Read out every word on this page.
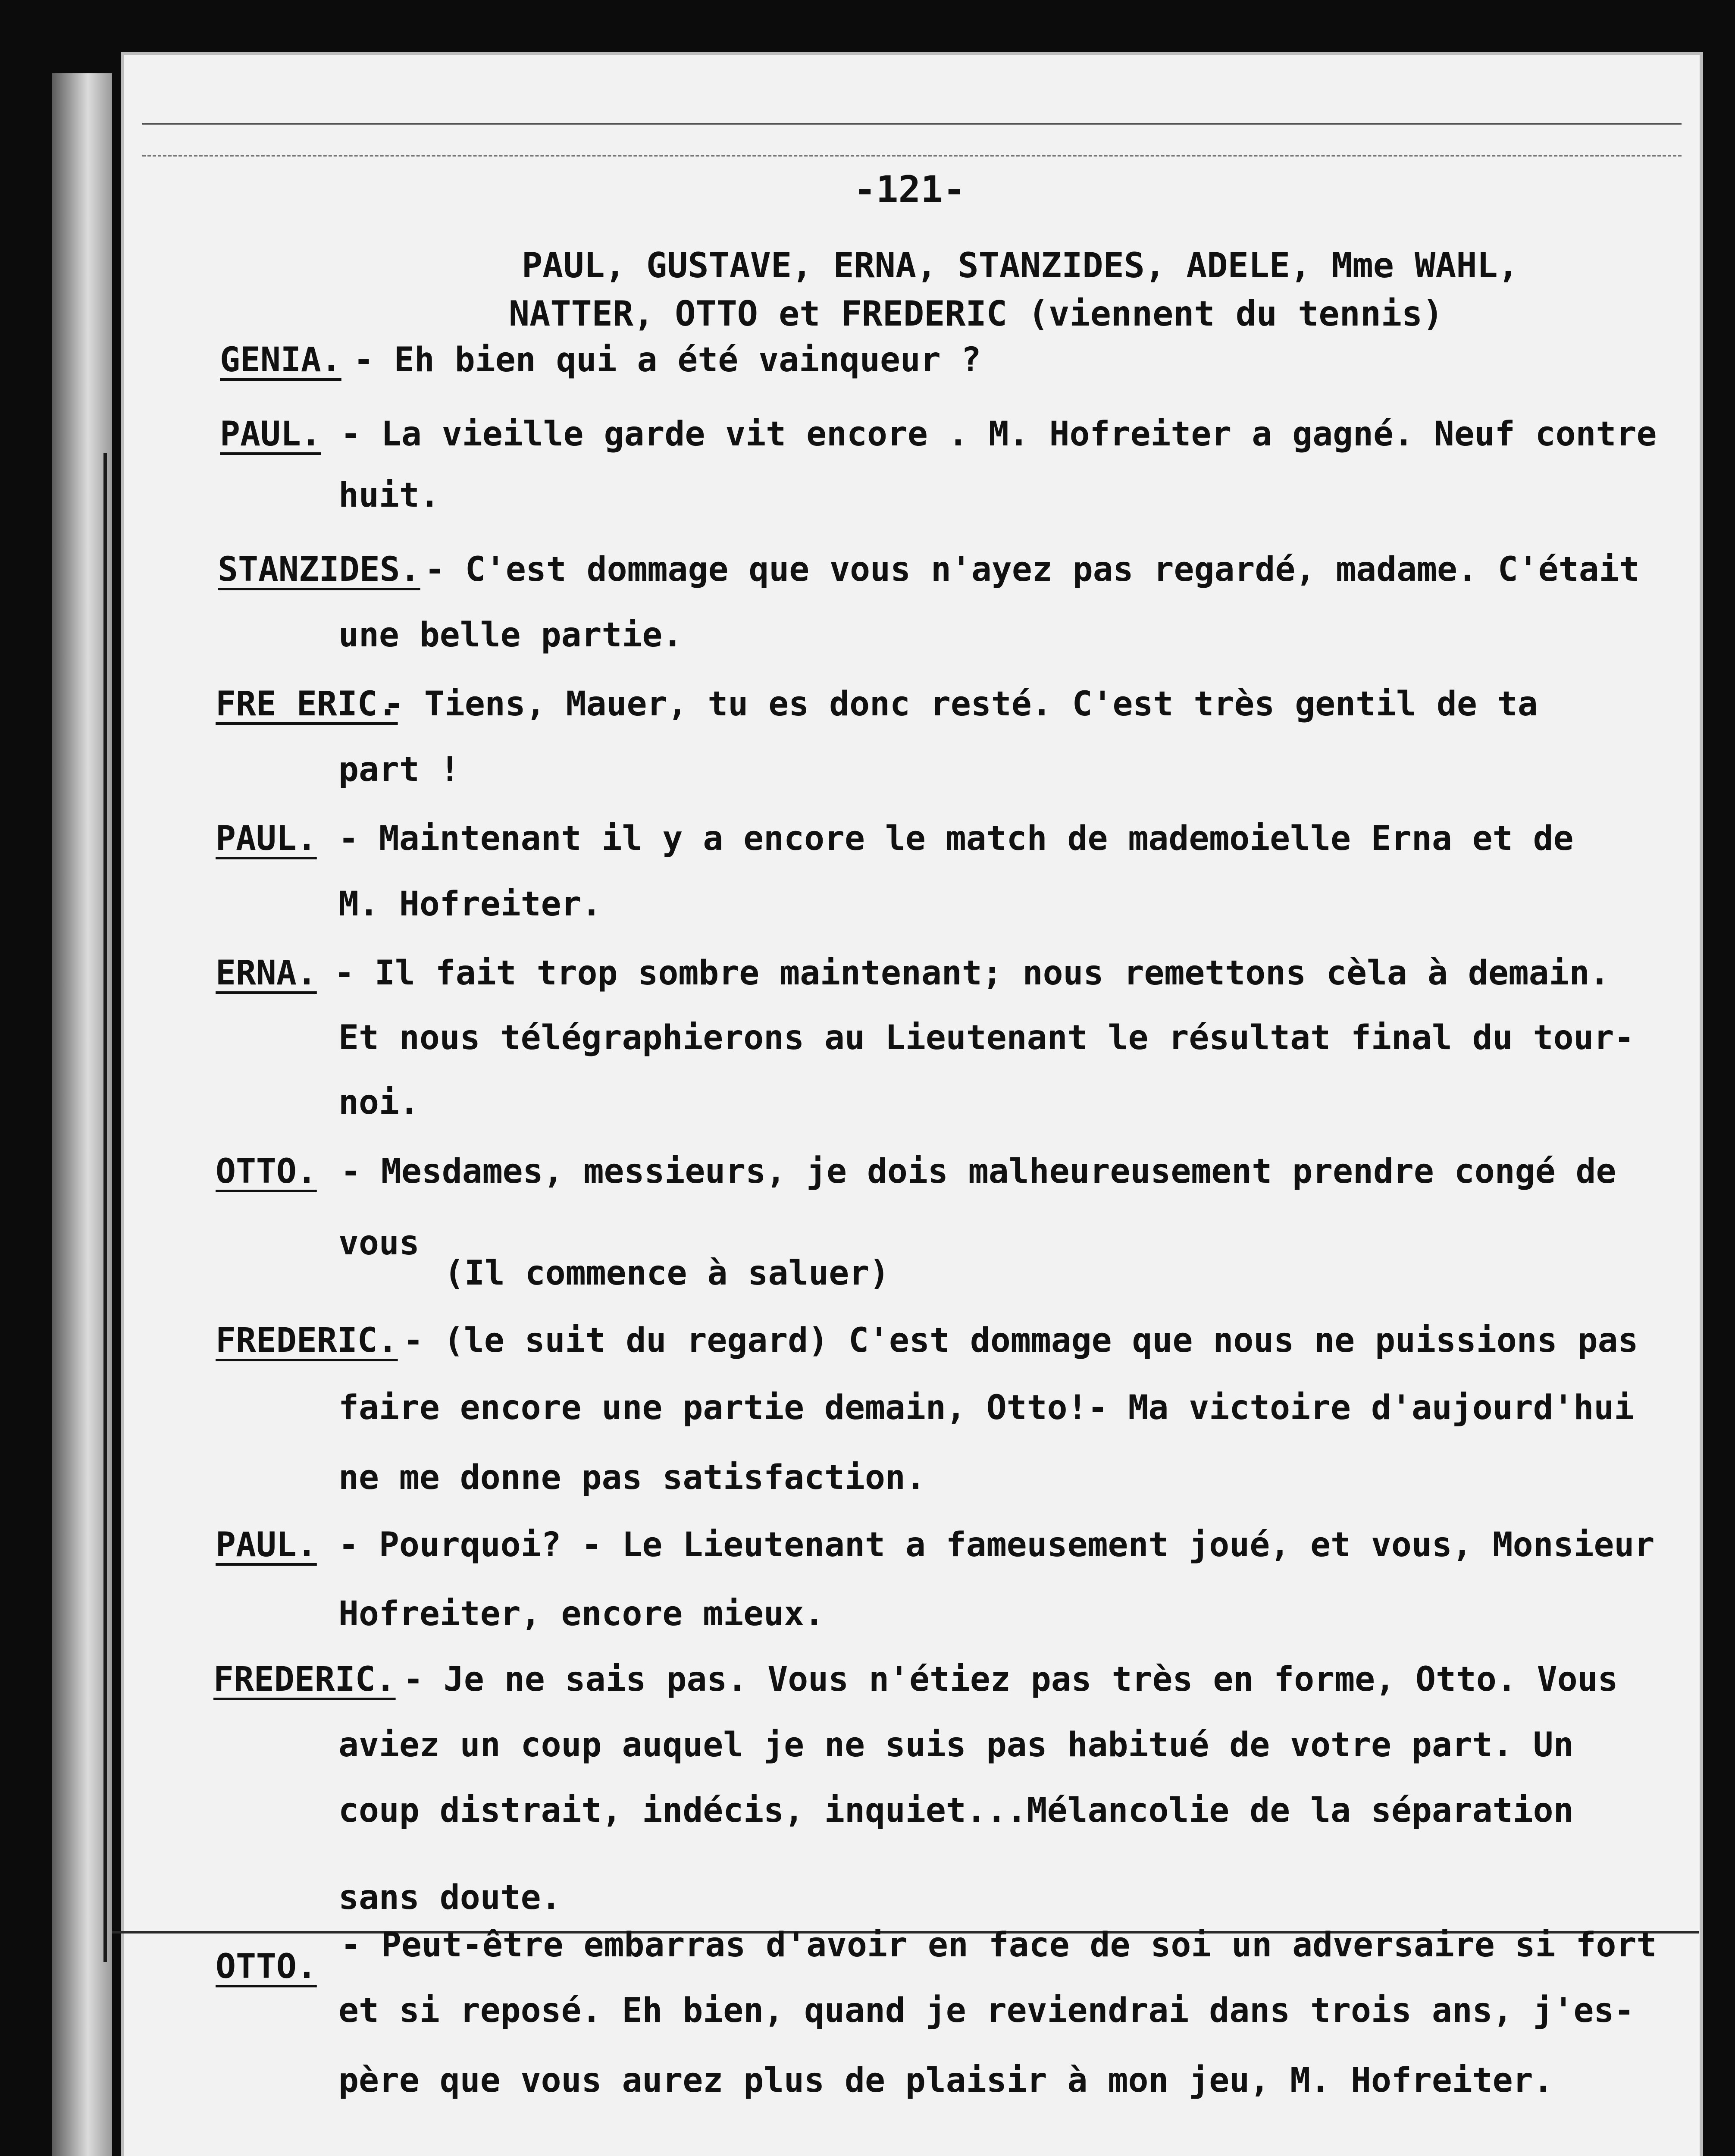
-121-
PAUL, GUSTAVE, ERNA, STANZIDES, ADELE, Mme WAHL,
NATTER, OTTO et FREDERIC (viennent du tennis)
GENIA. - Eh bien qui a été vainqueur ?
PAUL. - La vieille garde vit encore . M. Hofreiter a gagné. Neuf contre
huit.
STANZIDES. - C'est dommage que vous n'ayez pas regardé, madame. C'était
une belle partie.
FRE ERIC.
- Tiens, Mauer, tu es donc resté. C'est très gentil de ta
part !
PAUL. - Maintenant il y a encore le match de mademoielle Erna et de
M. Hofreiter.
ERNA. - Il fait trop sombre maintenant; nous remettons cèla à demain.
Et nous télégraphierons au Lieutenant le résultat final du tour-
noi.
OTTO. - Mesdames, messieurs, je dois malheureusement prendre congé de
vous
(Il commence à saluer)
FREDERIC. - (le suit du regard) C'est dommage que nous ne puissions pas
faire encore une partie demain, Otto!- Ma victoire d'aujourd'hui
ne me donne pas satisfaction.
PAUL. - Pourquoi? - Le Lieutenant a fameusement joué, et vous, Monsieur
Hofreiter, encore mieux.
FREDERIC. - Je ne sais pas. Vous n'étiez pas très en forme, Otto. Vous
aviez un coup auquel je ne suis pas habitué de votre part. Un
coup distrait, indécis, inquiet...Mélancolie de la séparation
sans doute.
OTTO.
- Peut-être embarras d'avoir en face de soi un adversaire si fort
et si reposé. Eh bien, quand je reviendrai dans trois ans, j'es-
père que vous aurez plus de plaisir à mon jeu, M. Hofreiter.
